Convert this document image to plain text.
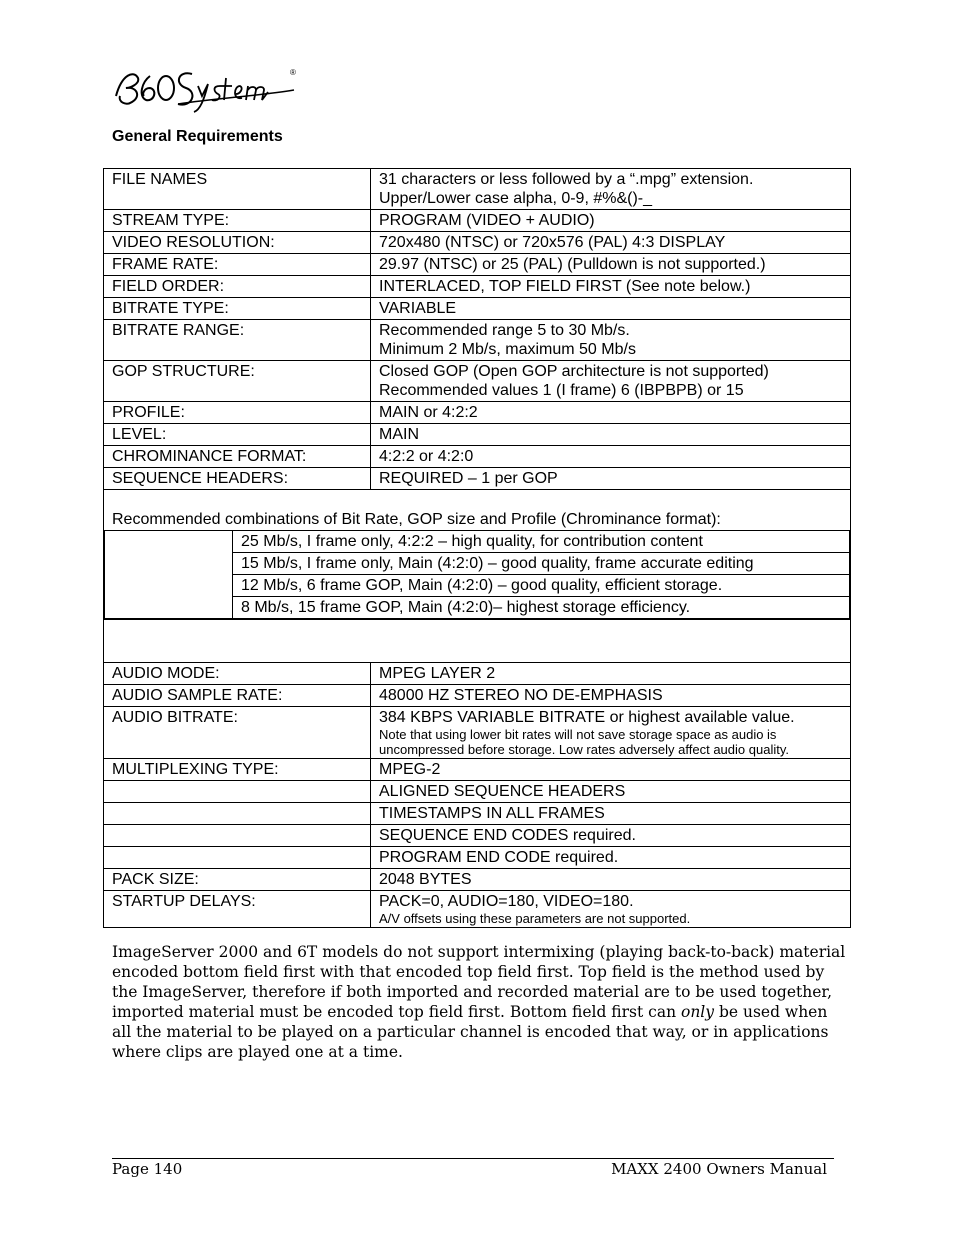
®
General Requirements
FILE NAMES	31 characters or less followed by a “.mpg” extension.
Upper/Lower case alpha, 0-9, #%&()-_

STREAM TYPE:	PROGRAM (VIDEO + AUDIO)

VIDEO RESOLUTION:	720x480 (NTSC) or 720x576 (PAL) 4:3 DISPLAY

FRAME RATE:	29.97 (NTSC) or 25 (PAL) (Pulldown is not supported.)

FIELD ORDER:	INTERLACED, TOP FIELD FIRST (See note below.)

BITRATE TYPE:	VARIABLE

BITRATE RANGE:	Recommended range 5 to 30 Mb/s.
Minimum 2 Mb/s, maximum 50 Mb/s

GOP STRUCTURE:	Closed GOP (Open GOP architecture is not supported)
Recommended values 1 (I frame) 6 (IBPBPB) or 15

PROFILE:	MAIN or 4:2:2

LEVEL:	MAIN

CHROMINANCE FORMAT:	4:2:2 or 4:2:0

SEQUENCE HEADERS:	REQUIRED – 1 per GOP

Recommended combinations of Bit Rate, GOP size and Profile (Chrominance format):

	25 Mb/s, I frame only, 4:2:2 – high quality, for contribution content
15 Mb/s, I frame only, Main (4:2:0) – good quality, frame accurate editing
12 Mb/s, 6 frame GOP, Main (4:2:0) – good quality, efficient storage.
8 Mb/s, 15 frame GOP, Main (4:2:0)– highest storage efficiency.

AUDIO MODE:	MPEG LAYER 2
AUDIO SAMPLE RATE:	48000 HZ STEREO NO DE-EMPHASIS
AUDIO BITRATE:	384 KBPS VARIABLE BITRATE or highest available value.
Note that using lower bit rates will not save storage space as audio is uncompressed before storage. Low rates adversely affect audio quality.

MULTIPLEXING TYPE:	MPEG-2
	ALIGNED SEQUENCE HEADERS
	TIMESTAMPS IN ALL FRAMES
	SEQUENCE END CODES required.
	PROGRAM END CODE required.
PACK SIZE:	2048 BYTES
STARTUP DELAYS:	PACK=0, AUDIO=180, VIDEO=180.
A/V offsets using these parameters are not supported.
ImageServer 2000 and 6T models do not support intermixing (playing back-to-back) material encoded bottom field first with that encoded top field first. Top field is the method used by the ImageServer, therefore if both imported and recorded material are to be used together, imported material must be encoded top field first. Bottom field first can only be used when all the material to be played on a particular channel is encoded that way, or in applications where clips are played one at a time.
Page 140	MAXX 2400 Owners Manual
